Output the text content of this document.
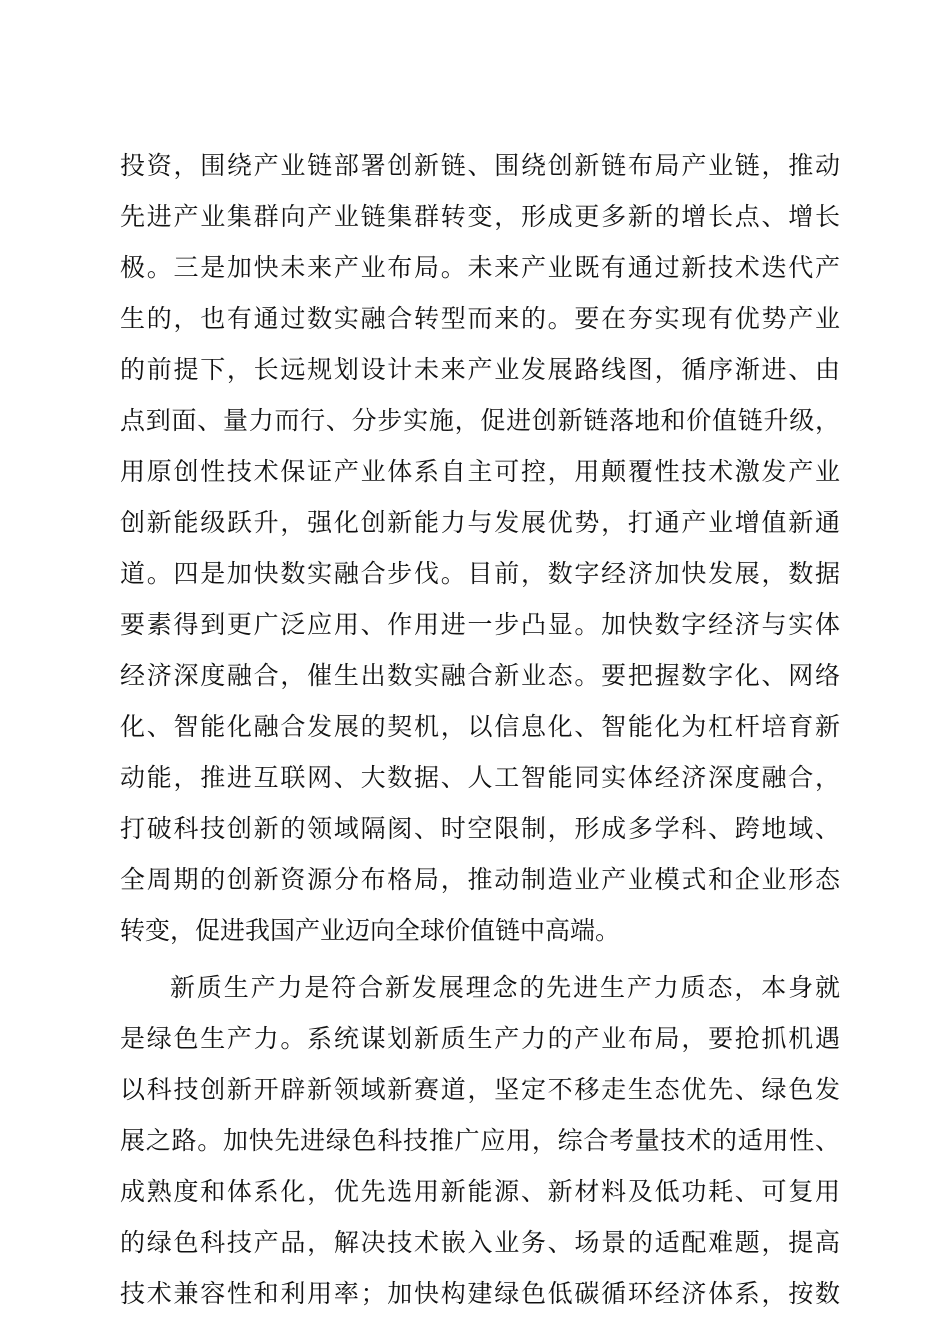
投资，围绕产业链部署创新链、围绕创新链布局产业链，推动
先进产业集群向产业链集群转变，形成更多新的增长点、增长
极。三是加快未来产业布局。未来产业既有通过新技术迭代产
生的，也有通过数实融合转型而来的。要在夯实现有优势产业
的前提下，长远规划设计未来产业发展路线图，循序渐进、由
点到面、量力而行、分步实施，促进创新链落地和价值链升级，
用原创性技术保证产业体系自主可控，用颠覆性技术激发产业
创新能级跃升，强化创新能力与发展优势，打通产业增值新通
道。四是加快数实融合步伐。目前，数字经济加快发展，数据
要素得到更广泛应用、作用进一步凸显。加快数字经济与实体
经济深度融合，催生出数实融合新业态。要把握数字化、网络
化、智能化融合发展的契机，以信息化、智能化为杠杆培育新
动能，推进互联网、大数据、人工智能同实体经济深度融合，
打破科技创新的领域隔阂、时空限制，形成多学科、跨地域、
全周期的创新资源分布格局，推动制造业产业模式和企业形态
转变，促进我国产业迈向全球价值链中高端。
新质生产力是符合新发展理念的先进生产力质态，本身就
是绿色生产力。系统谋划新质生产力的产业布局，要抢抓机遇
以科技创新开辟新领域新赛道，坚定不移走生态优先、绿色发
展之路。加快先进绿色科技推广应用，综合考量技术的适用性、
成熟度和体系化，优先选用新能源、新材料及低功耗、可复用
的绿色科技产品，解决技术嵌入业务、场景的适配难题，提高
技术兼容性和利用率；加快构建绿色低碳循环经济体系，按数
